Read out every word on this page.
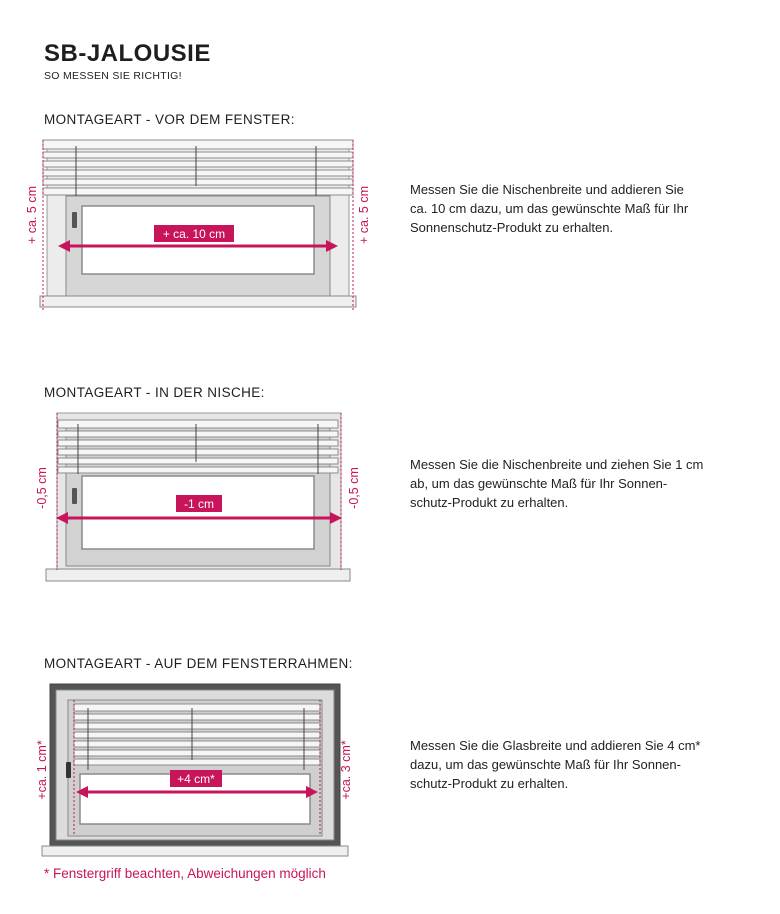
SB-JALOUSIE
SO MESSEN SIE RICHTIG!
MONTAGEART - VOR DEM FENSTER:
+ ca. 10 cm
+ ca. 5 cm	+ ca. 5 cm	Messen Sie die Nischenbreite und addieren Sie
ca. 10 cm dazu, um das gewünschte Maß für Ihr
Sonnenschutz-Produkt zu erhalten.
MONTAGEART - IN DER NISCHE:
-1 cm
-0,5 cm	-0,5 cm
Messen Sie die Nischenbreite und ziehen Sie 1 cm
ab, um das gewünschte Maß für Ihr Sonnen-
schutz-Produkt zu erhalten.
MONTAGEART - AUF DEM FENSTERRAHMEN:
+4 cm*
+ca. 1 cm*	+ca. 3 cm*	Messen Sie die Glasbreite und addieren Sie 4 cm*
dazu, um das gewünschte Maß für Ihr Sonnen-
schutz-Produkt zu erhalten.
* Fenstergriff beachten, Abweichungen möglich
